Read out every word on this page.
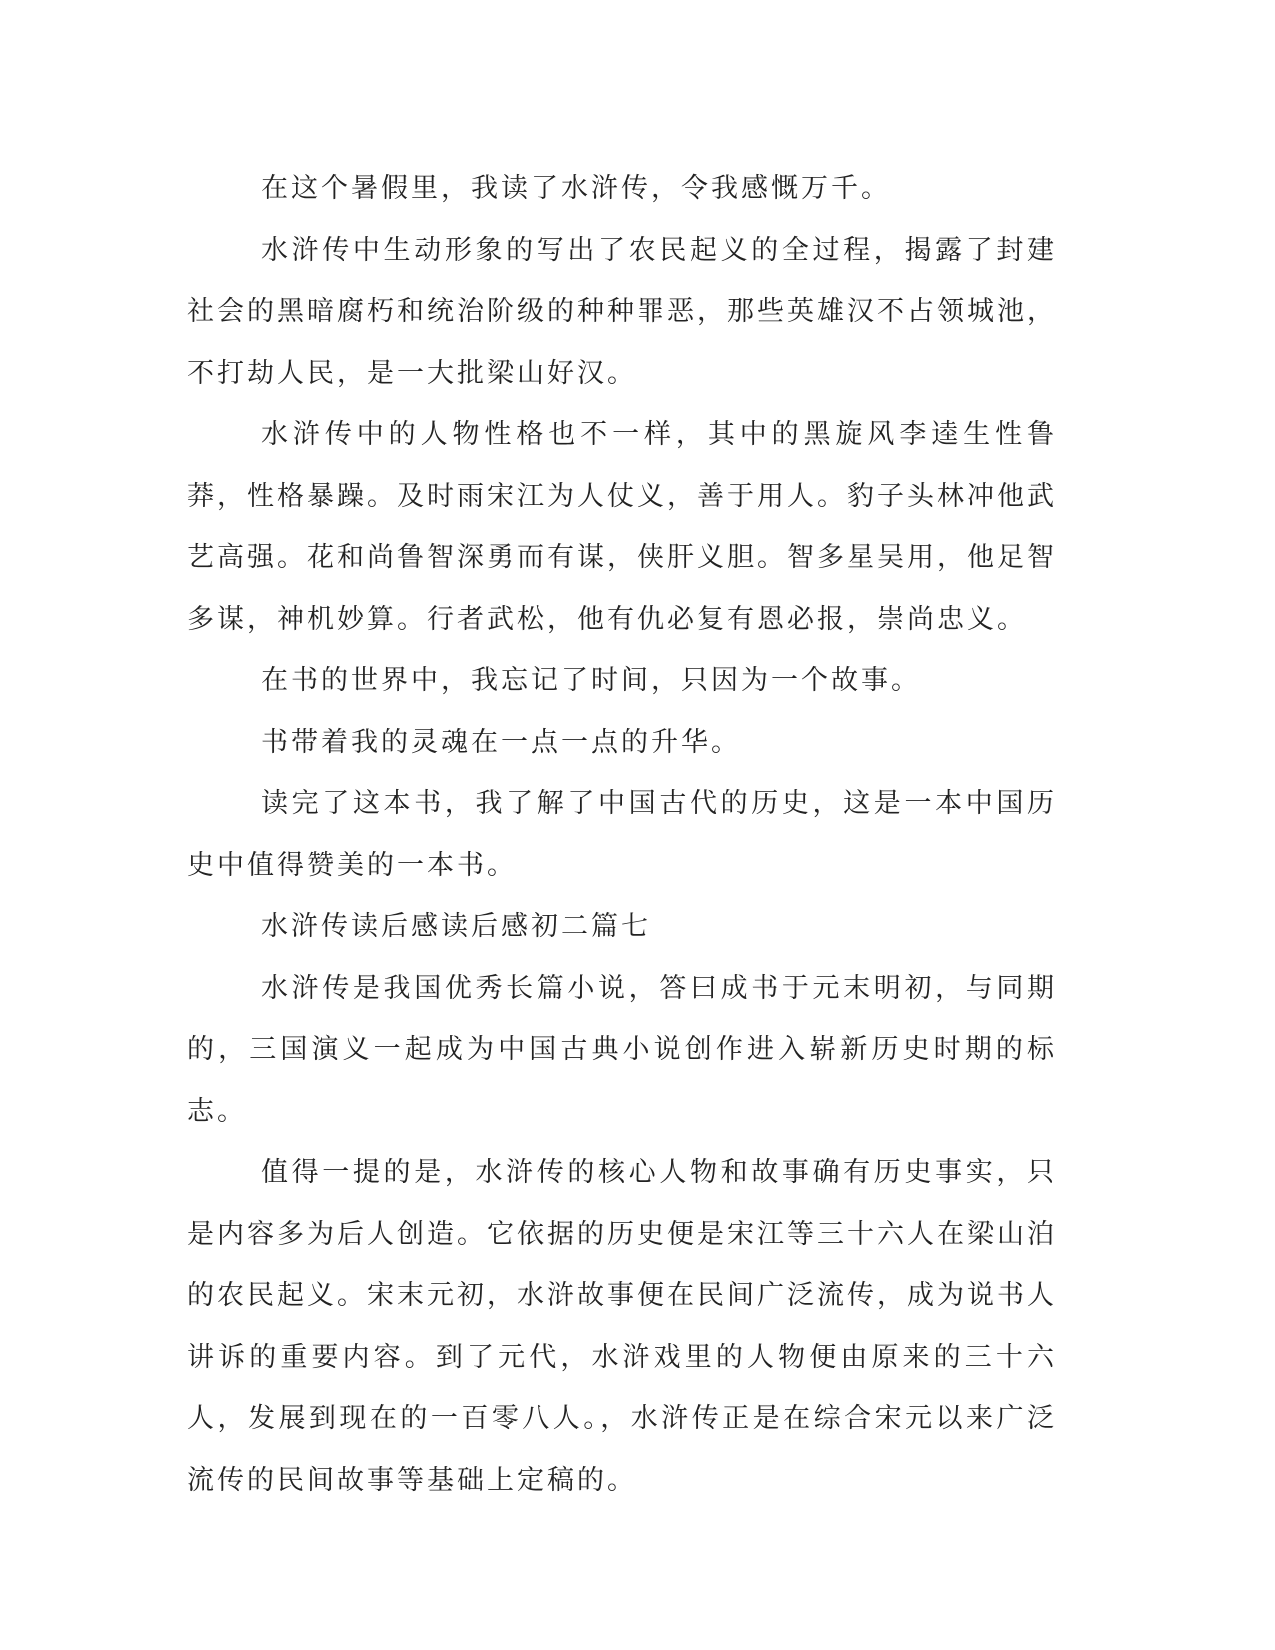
在这个暑假里，我读了水浒传，令我感慨万千。

水浒传中生动形象的写出了农民起义的全过程，揭露了封建社会的黑暗腐朽和统治阶级的种种罪恶，那些英雄汉不占领城池，不打劫人民，是一大批梁山好汉。

水浒传中的人物性格也不一样，其中的黑旋风李逵生性鲁莽，性格暴躁。及时雨宋江为人仗义，善于用人。豹子头林冲他武艺高强。花和尚鲁智深勇而有谋，侠肝义胆。智多星吴用，他足智多谋，神机妙算。行者武松，他有仇必复有恩必报，崇尚忠义。

在书的世界中，我忘记了时间，只因为一个故事。

书带着我的灵魂在一点一点的升华。

读完了这本书，我了解了中国古代的历史，这是一本中国历史中值得赞美的一本书。

水浒传读后感读后感初二篇七

水浒传是我国优秀长篇小说，答曰成书于元末明初，与同期的，三国演义一起成为中国古典小说创作进入崭新历史时期的标志。

值得一提的是，水浒传的核心人物和故事确有历史事实，只是内容多为后人创造。它依据的历史便是宋江等三十六人在梁山泊的农民起义。宋末元初，水浒故事便在民间广泛流传，成为说书人讲诉的重要内容。到了元代，水浒戏里的人物便由原来的三十六人，发展到现在的一百零八人。，水浒传正是在综合宋元以来广泛流传的民间故事等基础上定稿的。
